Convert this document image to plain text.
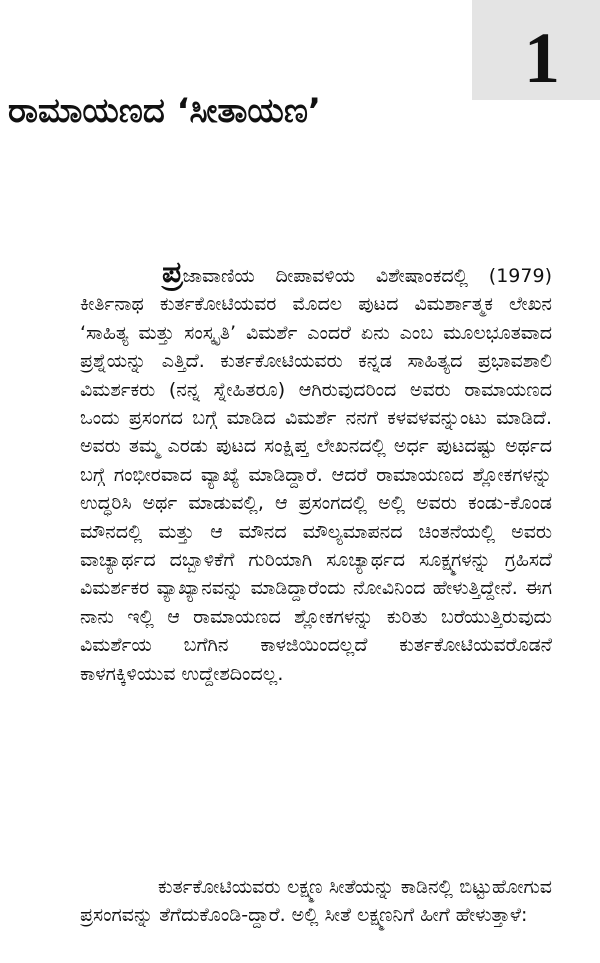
1
ರಾಮಾಯಣದ ‘ಸೀತಾಯಣ’

ಪ್ರಜಾವಾಣಿಯ ದೀಪಾವಳಿಯ ವಿಶೇಷಾಂಕದಲ್ಲಿ (1979) ಕೀರ್ತಿನಾಥ ಕುರ್ತಕೋಟಿಯವರ ಮೊದಲ ಪುಟದ ವಿಮರ್ಶಾತ್ಮಕ ಲೇಖನ ‘ಸಾಹಿತ್ಯ ಮತ್ತು ಸಂಸ್ಕೃತಿ’ ವಿಮರ್ಶೆ ಎಂದರೆ ಏನು ಎಂಬ ಮೂಲಭೂತವಾದ ಪ್ರಶ್ನೆಯನ್ನು ಎತ್ತಿದೆ. ಕುರ್ತಕೋಟಿಯವರು ಕನ್ನಡ ಸಾಹಿತ್ಯದ ಪ್ರಭಾವಶಾಲಿ ವಿಮರ್ಶಕರು (ನನ್ನ ಸ್ನೇಹಿತರೂ) ಆಗಿರುವುದರಿಂದ ಅವರು ರಾಮಾಯಣದ ಒಂದು ಪ್ರಸಂಗದ ಬಗ್ಗೆ ಮಾಡಿದ ವಿಮರ್ಶೆ ನನಗೆ ಕಳವಳವನ್ನುಂಟು ಮಾಡಿದೆ. ಅವರು ತಮ್ಮ ಎರಡು ಪುಟದ ಸಂಕ್ಷಿಪ್ತ ಲೇಖನದಲ್ಲಿ ಅರ್ಧ ಪುಟದಷ್ಟು ಅರ್ಥದ ಬಗ್ಗೆ ಗಂಭೀರವಾದ ವ್ಯಾಖ್ಯೆ ಮಾಡಿದ್ದಾರೆ. ಆದರೆ ರಾಮಾಯಣದ ಶ್ಲೋಕಗಳನ್ನು ಉದ್ಧರಿಸಿ ಅರ್ಥ ಮಾಡುವಲ್ಲಿ, ಆ ಪ್ರಸಂಗದಲ್ಲಿ ಅಲ್ಲಿ ಅವರು ಕಂಡು-ಕೊಂಡ ಮೌನದಲ್ಲಿ ಮತ್ತು ಆ ಮೌನದ ಮೌಲ್ಯಮಾಪನದ ಚಿಂತನೆಯಲ್ಲಿ ಅವರು ವಾಚ್ಯಾರ್ಥದ ದಬ್ಬಾಳಿಕೆಗೆ ಗುರಿಯಾಗಿ ಸೂಚ್ಯಾರ್ಥದ ಸೂಕ್ಷ್ಮಗಳನ್ನು ಗ್ರಹಿಸದೆ ವಿಮರ್ಶಕರ ವ್ಯಾಖ್ಯಾನವನ್ನು ಮಾಡಿದ್ದಾರೆಂದು ನೋವಿನಿಂದ ಹೇಳುತ್ತಿದ್ದೇನೆ. ಈಗ ನಾನು ಇಲ್ಲಿ ಆ ರಾಮಾಯಣದ ಶ್ಲೋಕಗಳನ್ನು ಕುರಿತು ಬರೆಯುತ್ತಿರುವುದು ವಿಮರ್ಶೆಯ ಬಗೆಗಿನ ಕಾಳಜಿಯಿಂದಲ್ಲದೆ ಕುರ್ತಕೋಟಿಯವರೊಡನೆ ಕಾಳಗಕ್ಕಿಳಿಯುವ ಉದ್ದೇಶದಿಂದಲ್ಲ.

ಕುರ್ತಕೋಟಿಯವರು ಲಕ್ಷ್ಮಣ ಸೀತೆಯನ್ನು ಕಾಡಿನಲ್ಲಿ ಬಿಟ್ಟುಹೋಗುವ ಪ್ರಸಂಗವನ್ನು ತೆಗೆದುಕೊಂಡಿ-ದ್ದಾರೆ. ಅಲ್ಲಿ ಸೀತೆ ಲಕ್ಷ್ಮಣನಿಗೆ ಹೀಗೆ ಹೇಳುತ್ತಾಳೆ:
